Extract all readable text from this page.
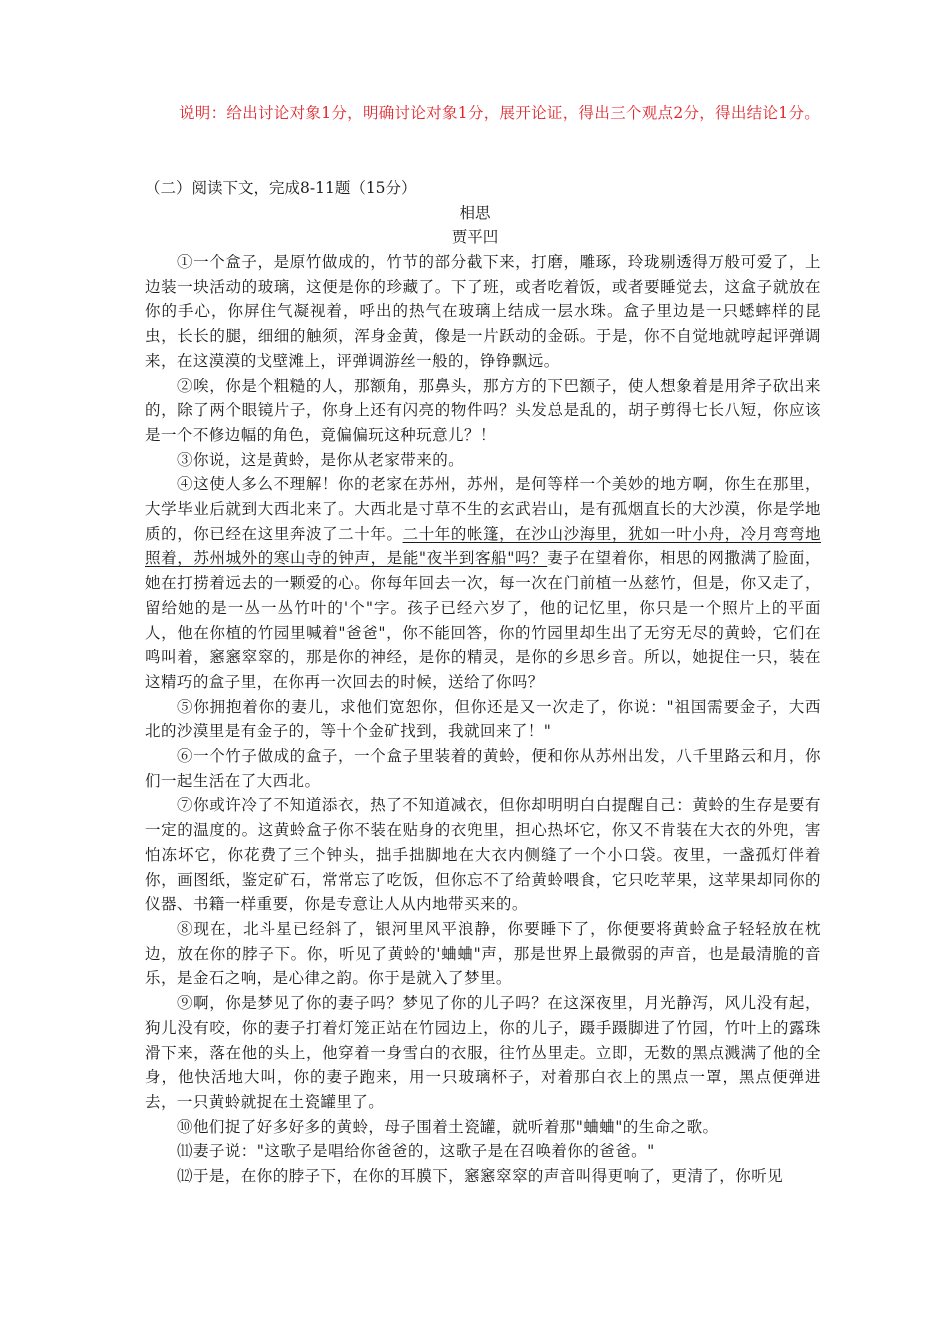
说明：给出讨论对象1分，明确讨论对象1分，展开论证，得出三个观点2分，得出结论1分。

（二）阅读下文，完成8-11题（15分）
相思
贾平凹

①一个盒子，是原竹做成的，竹节的部分截下来，打磨，雕琢，玲珑剔透得万般可爱了，上边装一块活动的玻璃，这便是你的珍藏了。下了班，或者吃着饭，或者要睡觉去，这盒子就放在你的手心，你屏住气凝视着，呼出的热气在玻璃上结成一层水珠。盒子里边是一只蟋蟀样的昆虫，长长的腿，细细的触须，浑身金黄，像是一片跃动的金砾。于是，你不自觉地就哼起评弹调来，在这漠漠的戈壁滩上，评弹调游丝一般的，铮铮飘远。

②唉，你是个粗糙的人，那额角，那鼻头，那方方的下巴额子，使人想象着是用斧子砍出来的，除了两个眼镜片子，你身上还有闪亮的物件吗？头发总是乱的，胡子剪得七长八短，你应该是一个不修边幅的角色，竟偏偏玩这种玩意儿？！

③你说，这是黄蛉，是你从老家带来的。

④这使人多么不理解！你的老家在苏州，苏州，是何等样一个美妙的地方啊，你生在那里，大学毕业后就到大西北来了。大西北是寸草不生的玄武岩山，是有孤烟直长的大沙漠，你是学地质的，你已经在这里奔波了二十年。二十年的帐篷，在沙山沙海里，犹如一叶小舟，冷月弯弯地照着，苏州城外的寒山寺的钟声，是能"夜半到客船"吗？妻子在望着你，相思的网撒满了脸面，她在打捞着远去的一颗爱的心。你每年回去一次，每一次在门前植一丛慈竹，但是，你又走了，留给她的是一丛一丛竹叶的'个"字。孩子已经六岁了，他的记忆里，你只是一个照片上的平面人，他在你植的竹园里喊着"爸爸"，你不能回答，你的竹园里却生出了无穷无尽的黄蛉，它们在鸣叫着，窸窸窣窣的，那是你的神经，是你的精灵，是你的乡思乡音。所以，她捉住一只，装在这精巧的盒子里，在你再一次回去的时候，送给了你吗？

⑤你拥抱着你的妻儿，求他们宽恕你，但你还是又一次走了，你说："祖国需要金子，大西北的沙漠里是有金子的，等十个金矿找到，我就回来了！"

⑥一个竹子做成的盒子，一个盒子里装着的黄蛉，便和你从苏州出发，八千里路云和月，你们一起生活在了大西北。

⑦你或许冷了不知道添衣，热了不知道减衣，但你却明明白白提醒自己：黄蛉的生存是要有一定的温度的。这黄蛉盒子你不装在贴身的衣兜里，担心热坏它，你又不肯装在大衣的外兜，害怕冻坏它，你花费了三个钟头，拙手拙脚地在大衣内侧缝了一个小口袋。夜里，一盏孤灯伴着你，画图纸，鉴定矿石，常常忘了吃饭，但你忘不了给黄蛉喂食，它只吃苹果，这苹果却同你的仪器、书籍一样重要，你是专意让人从内地带买来的。

⑧现在，北斗星已经斜了，银河里风平浪静，你要睡下了，你便要将黄蛉盒子轻轻放在枕边，放在你的脖子下。你，听见了黄蛉的'蛐蛐"声，那是世界上最微弱的声音，也是最清脆的音乐，是金石之响，是心律之韵。你于是就入了梦里。

⑨啊，你是梦见了你的妻子吗？梦见了你的儿子吗？在这深夜里，月光静泻，风儿没有起，狗儿没有咬，你的妻子打着灯笼正站在竹园边上，你的儿子，蹑手蹑脚进了竹园，竹叶上的露珠滑下来，落在他的头上，他穿着一身雪白的衣服，往竹丛里走。立即，无数的黑点溅满了他的全身，他快活地大叫，你的妻子跑来，用一只玻璃杯子，对着那白衣上的黑点一罩，黑点便弹进去，一只黄蛉就捉在土瓷罐里了。

⑩他们捉了好多好多的黄蛉，母子围着土瓷罐，就听着那"蛐蛐"的生命之歌。

⑾妻子说："这歌子是唱给你爸爸的，这歌子是在召唤着你的爸爸。"

⑿于是，在你的脖子下，在你的耳膜下，窸窸窣窣的声音叫得更响了，更清了，你听见
